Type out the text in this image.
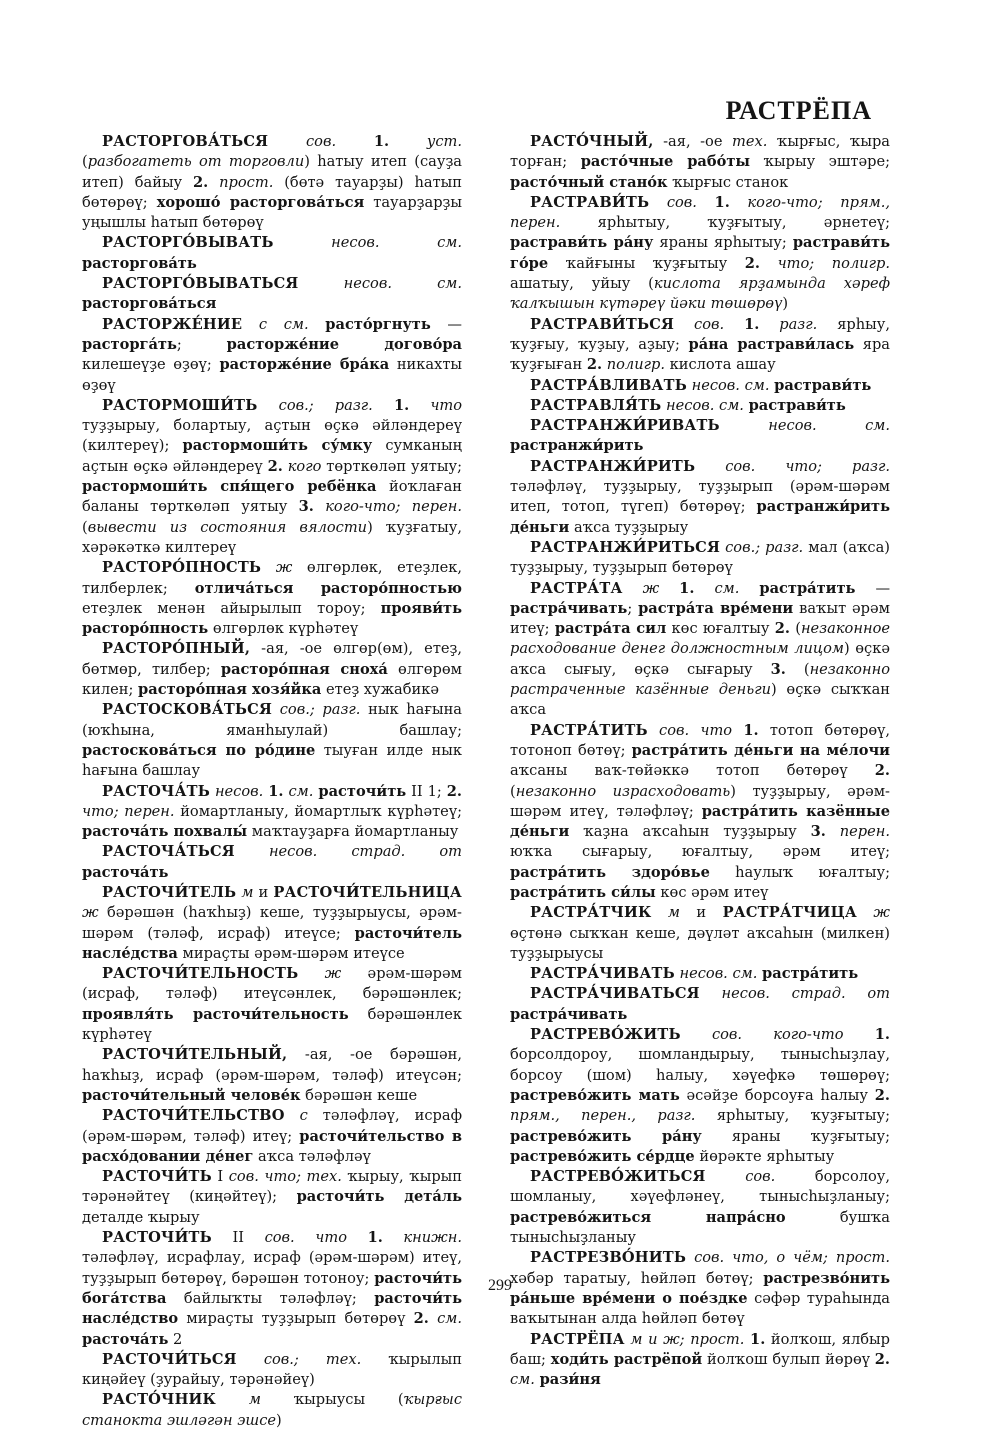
РАСТРЁПА

РАСТОРГОВА́ТЬСЯ	сов.	1.	уст. (разбогатеть от торговли) һатыу итеп (сауҙа итеп) байыу 2. прост. (бөтә тауарҙы) һатып бөтөрөү; хорошо́ расторгова́ться тауарҙарҙы уңышлы һатып бөтөрөү

РАСТОРГО́ВЫВАТЬ	несов. см. расторгова́ть

РАСТОРГО́ВЫВАТЬСЯ	несов. см. расторгова́ться

РАСТОРЖЕ́НИЕ с см. расто́ргнуть — расторга́ть; расторже́ние догово́ра килешеүҙе өҙөү; расторже́ние бра́ка никахты өҙөү

РАСТОРМОШИ́ТЬ сов.; разг. 1. что туҙҙырыу, болартыу, аҫтын өҫкә әйләндереү (килтереү); растормоши́ть су́мку сумканың аҫтын өҫкә әйләндереү 2. кого төрткөләп уятыу; растормоши́ть спя́щего ребёнка йоҡлаған баланы төрткөләп уятыу 3. кого-что; перен. (вывести из состояния вялости) ҡуҙғатыу, хәрәкәткә килтереү

РАСТОРО́ПНОСТЬ ж өлгөрлөк, етеҙлек, тилберлек; отлича́ться расторо́пностью етеҙлек менән айырылып тороу; прояви́ть расторо́пность өлгөрлөк күрһәтеү

РАСТОРО́ПНЫЙ, -ая, -ое өлгөр(өм), етеҙ, бөтмөр, тилбер; расторо́пная сноха́ өлгөрөм килен; расторо́пная хозя́йка етеҙ хужабикә

РАСТОСКОВА́ТЬСЯ сов.; разг. нык һағына (юҡһына, яманһыулай) башлау; растоскова́ться по ро́дине тыуған илде нык һағына башлау

РАСТОЧА́ТЬ несов. 1. см. расточи́ть II 1; 2. что; перен. йомартланыу, йомартлыҡ күрһәтеү; расточа́ть похвалы́ маҡтауҙарға йомартланыу

РАСТОЧА́ТЬСЯ несов. страд. от расточа́ть

РАСТОЧИ́ТЕЛЬ м и РАСТОЧИ́ТЕЛЬНИЦА ж бәрәшән (һаҡһыҙ) кеше, туҙҙырыусы, әрәм-шәрәм (тәләф, исраф) итеүсе; расточи́тель насле́дства мираҫты әрәм-шәрәм итеүсе

РАСТОЧИ́ТЕЛЬНОСТЬ ж әрәм-шәрәм (исраф, тәләф) итеүсәнлек, бәрәшәнлек; проявля́ть расточи́тельность бәрәшәнлек күрһәтеү

РАСТОЧИ́ТЕЛЬНЫЙ, -ая, -ое бәрәшән, һаҡһыҙ, исраф (әрәм-шәрәм, тәләф) итеүсән; расточи́тельный челове́к бәрәшән кеше

РАСТОЧИ́ТЕЛЬСТВО с тәләфләү, исраф (әрәм-шәрәм, тәләф) итеү; расточи́тельство в расхо́довании де́нег аҡса тәләфләү

РАСТОЧИ́ТЬ I сов. что; тех. ҡырыу, ҡырып тәрәнәйтеү (киңәйтеү); расточи́ть дета́ль деталде ҡырыу

РАСТОЧИ́ТЬ II сов. что 1. книжн. тәләфләү, исрафлау, исраф (әрәм-шәрәм) итеү, туҙҙырып бөтөрөү, бәрәшән тотоноу; расточи́ть бога́тства байлыҡты тәләфләү; расточи́ть насле́дство мираҫты туҙҙырып бөтөрөү 2. см. расточа́ть 2

РАСТОЧИ́ТЬСЯ сов.; тех. ҡырылып киңәйеү (ҙурайыу, тәрәнәйеү)

РАСТО́ЧНИК м ҡырыусы (ҡырғыс станокта эшләгән эшсе)

РАСТО́ЧНЫЙ, -ая, -ое тех. ҡырғыс, ҡыра торған; расто́чные рабо́ты ҡырыу эштәре; расто́чный стано́к ҡырғыс станок

РАСТРАВИ́ТЬ сов. 1. кого-что; прям., перен. ярһытыу, ҡуҙғытыу, әрнетеү; растрави́ть ра́ну яраны ярһытыу; растрави́ть го́ре ҡайғыны ҡуҙғытыу 2. что; полигр. ашатыу, уйыу (кислота ярҙамында хәреф ҡалҡышын күтәреү йәки төшөрөү)

РАСТРАВИ́ТЬСЯ сов. 1. разг. ярһыу, ҡуҙғыу, ҡуҙыу, аҙыу; ра́на растрави́лась яра ҡуҙғыған 2. полигр. кислота ашау

РАСТРА́ВЛИВАТЬ несов. см. растрави́ть

РАСТРАВЛЯ́ТЬ несов. см. растрави́ть

РАСТРАНЖИ́РИВАТЬ	несов. см. растранжи́рить

РАСТРАНЖИ́РИТЬ сов. что; разг. тәләфләү, туҙҙырыу, туҙҙырып (әрәм-шәрәм итеп, тотоп, түгеп) бөтөрөү; растранжи́рить де́ньги аҡса туҙҙырыу

РАСТРАНЖИ́РИТЬСЯ сов.; разг. мал (аҡса) туҙҙырыу, туҙҙырып бөтөрөү

РАСТРА́ТА ж 1. см. растра́тить — растра́чивать; растра́та вре́мени ваҡыт әрәм итеү; растра́та сил көс юғалтыу 2. (незаконное расходование денег должностным лицом) өҫкә аҡса сығыу, өҫкә сығарыу 3. (незаконно растраченные казённые деньги) өҫкә сыҡҡан аҡса

РАСТРА́ТИТЬ сов. что 1. тотоп бөтөрөү, тотоноп бөтөү; растра́тить де́ньги на ме́лочи аҡсаны ваҡ-төйәккә тотоп бөтөрөү 2. (незаконно израсходовать) туҙҙырыу, әрәм-шәрәм итеү, тәләфләү; растра́тить казённые де́ньги ҡаҙна аҡсаһын туҙҙырыу 3. перен. юҡҡа сығарыу, юғалтыу, әрәм итеү; растра́тить здоро́вье һаулыҡ юғалтыу; растра́тить си́лы көс әрәм итеү

РАСТРА́ТЧИК м и РАСТРА́ТЧИЦА ж өҫтөнә сыҡҡан кеше, дәүләт аҡсаһын (милкен) туҙҙырыусы

РАСТРА́ЧИВАТЬ несов. см. растра́тить

РАСТРА́ЧИВАТЬСЯ несов. страд. от растра́чивать

РАСТРЕВО́ЖИТЬ сов. кого-что 1. борсолдороу, шомландырыу, тынысһыҙлау, борсоу (шом) һалыу, хәүефкә төшөрөү; растрево́жить мать әсәйҙе борсоуға һалыу 2. прям., перен., разг. ярһытыу, ҡуҙғытыу; растрево́жить ра́ну яраны ҡуҙғытыу; растрево́жить се́рдце йөрәкте ярһытыу

РАСТРЕВО́ЖИТЬСЯ	сов. борсолоу, шомланыу, хәүефләнеү, тынысһыҙланыу; растрево́житься напра́сно бушҡа тынысһыҙланыу

РАСТРЕЗВО́НИТЬ сов. что, о чём; прост. хәбәр таратыу, һөйләп бөтөү; растрезво́нить ра́ньше вре́мени о пое́здке сәфәр тураһында ваҡытынан алда һөйләп бөтөү

РАСТРЁПА м и ж; прост. 1. йолҡош, ялбыр баш; ходи́ть растрёпой йолҡош булып йөрөү 2. см. рази́ня

299
